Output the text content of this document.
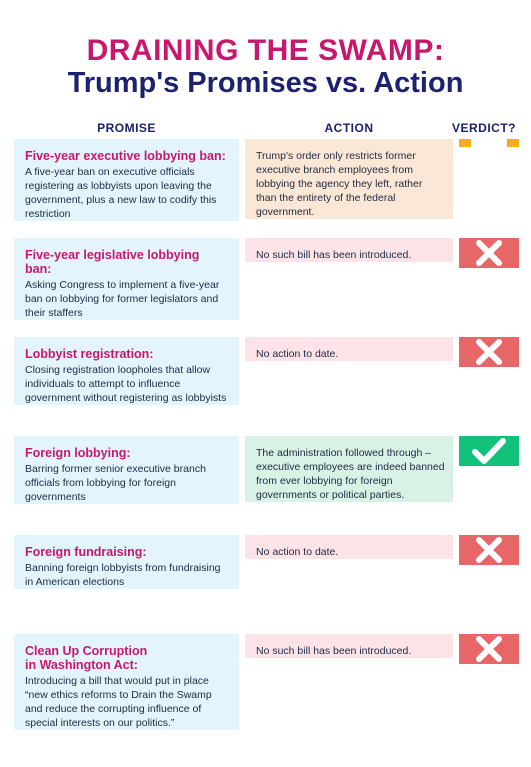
DRAINING THE SWAMP:
Trump's Promises vs. Action
PROMISE	ACTION	VERDICT?
Five-year executive lobbying ban:
A five-year ban on executive officials registering as lobbyists upon leaving the government, plus a new law to codify this restriction
Trump's order only restricts former executive branch employees from lobbying the agency they left, rather than the entirety of the federal government.
Five-year legislative lobbying ban:
Asking Congress to implement a five-year ban on lobbying for former legislators and their staffers
No such bill has been introduced.
Lobbyist registration:
Closing registration loopholes that allow individuals to attempt to influence government without registering as lobbyists
No action to date.
Foreign lobbying:
Barring former senior executive branch officials from lobbying for foreign governments
The administration followed through – executive employees are indeed banned from ever lobbying for foreign governments or political parties.
Foreign fundraising:
Banning foreign lobbyists from fundraising in American elections
No action to date.
Clean Up Corruption
in Washington Act:
Introducing a bill that would put in place “new ethics reforms to Drain the Swamp and reduce the corrupting influence of special interests on our politics.”
No such bill has been introduced.
